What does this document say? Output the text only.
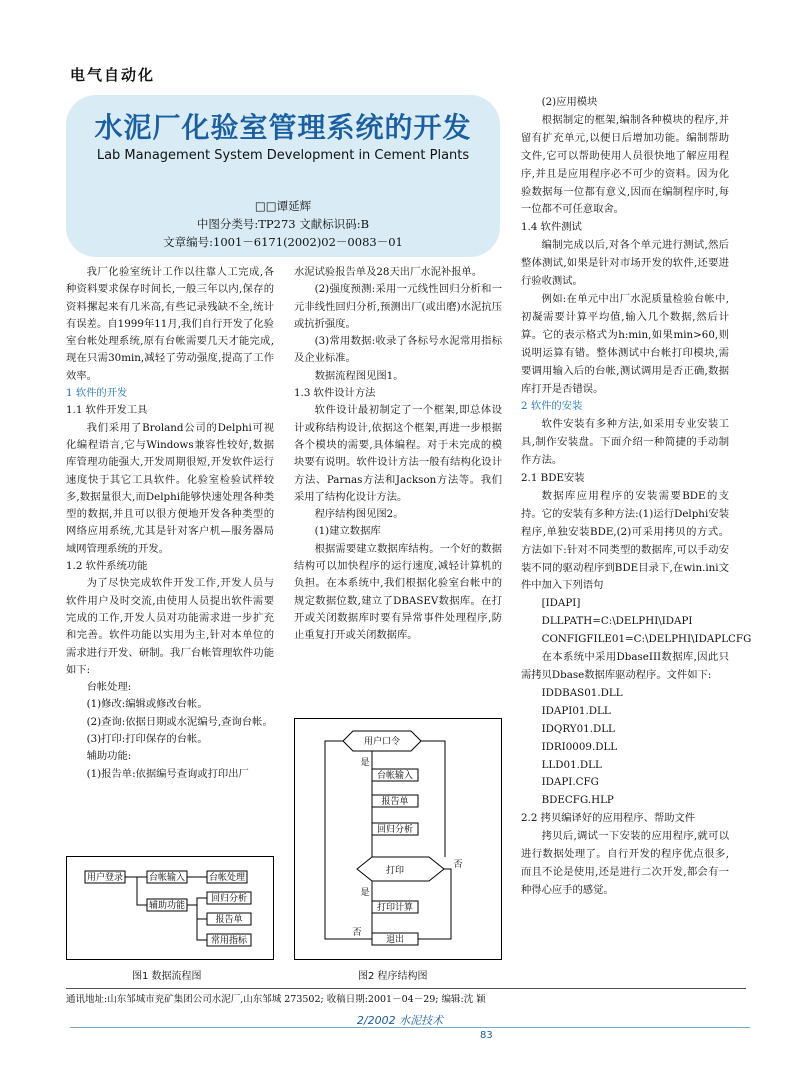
电气自动化
水泥厂化验室管理系统的开发
Lab Management System Development in Cement Plants
□□谭延辉
中图分类号:TP273 文献标识码:B
文章编号:1001－6171(2002)02－0083－01

我厂化验室统计工作以往靠人工完成,各种资料要求保存时间长,一般三年以内,保存的资料摞起来有几米高,有些记录残缺不全,统计有误差。自1999年11月,我们自行开发了化验室台帐处理系统,原有台帐需要几天才能完成,现在只需30min,减轻了劳动强度,提高了工作效率。

1 软件的开发

1.1 软件开发工具

我们采用了Broland公司的Delphi可视化编程语言,它与Windows兼容性较好,数据库管理功能强大,开发周期很短,开发软件运行速度快于其它工具软件。化验室检验试样较多,数据量很大,而Delphi能够快速处理各种类型的数据,并且可以很方便地开发各种类型的网络应用系统,尤其是针对客户机—服务器局域网管理系统的开发。

1.2 软件系统功能

为了尽快完成软件开发工作,开发人员与软件用户及时交流,由使用人员提出软件需要完成的工作,开发人员对功能需求进一步扩充和完善。软件功能以实用为主,针对本单位的需求进行开发、研制。我厂台帐管理软件功能如下:

台帐处理:

(1)修改:编辑或修改台帐。

(2)查询:依据日期或水泥编号,查询台帐。

(3)打印:打印保存的台帐。

辅助功能:

(1)报告单:依据编号查询或打印出厂

水泥试验报告单及28天出厂水泥补报单。

(2)强度预测:采用一元线性回归分析和一元非线性回归分析,预测出厂(或出磨)水泥抗压或抗折强度。

(3)常用数据:收录了各标号水泥常用指标及企业标准。

数据流程图见图1。

1.3 软件设计方法

软件设计最初制定了一个框架,即总体设计或称结构设计,依据这个框架,再进一步根据各个模块的需要,具体编程。对于未完成的模块要有说明。软件设计方法一般有结构化设计方法、Parnas方法和Jackson方法等。我们采用了结构化设计方法。

程序结构图见图2。

(1)建立数据库

根据需要建立数据库结构。一个好的数据结构可以加快程序的运行速度,减轻计算机的负担。在本系统中,我们根据化验室台帐中的规定数据位数,建立了DBASEV数据库。在打开或关闭数据库时要有异常事件处理程序,防止重复打开或关闭数据库。

(2)应用模块

根据制定的框架,编制各种模块的程序,并留有扩充单元,以便日后增加功能。编制帮助文件,它可以帮助使用人员很快地了解应用程序,并且是应用程序必不可少的资料。因为化验数据每一位都有意义,因而在编制程序时,每一位都不可任意取舍。

1.4 软件测试

编制完成以后,对各个单元进行测试,然后整体测试,如果是针对市场开发的软件,还要进行验收测试。

例如:在单元中出厂水泥质量检验台帐中,初凝需要计算平均值,输入几个数据,然后计算。它的表示格式为h:min,如果min>60,则说明运算有错。整体测试中台帐打印模块,需要调用输入后的台帐,测试调用是否正确,数据库打开是否错误。

2 软件的安装

软件安装有多种方法,如采用专业安装工具,制作安装盘。下面介绍一种简捷的手动制作方法。

2.1 BDE安装

数据库应用程序的安装需要BDE的支持。它的安装有多种方法:(1)运行Delphi安装程序,单独安装BDE,(2)可采用拷贝的方式。方法如下:针对不同类型的数据库,可以手动安装不同的驱动程序到BDE目录下,在win.ini文件中加入下列语句

[IDAPI]

DLLPATH=C:\DELPHI\IDAPI

CONFIGFILE01=C:\DELPHI\IDAPLCFG

在本系统中采用DbaseIII数据库,因此只需拷贝Dbase数据库驱动程序。文件如下:

IDDBAS01.DLL

IDAPI01.DLL

IDQRY01.DLL

IDRI0009.DLL

LLD01.DLL

IDAPI.CFG

BDECFG.HLP

2.2 拷贝编译好的应用程序、帮助文件

拷贝后,调试一下安装的应用程序,就可以进行数据处理了。自行开发的程序优点很多,而且不论是使用,还是进行二次开发,都会有一种得心应手的感觉。

用户登录	台帐输入	台帐处理
辅助功能
回归分析
报告单
常用指标
图1 数据流程图
用户口令
是
台帐输入
报告单
回归分析
打印
是
打印计算
退出
否
否
图2 程序结构图
通讯地址:山东邹城市兖矿集团公司水泥厂,山东邹城 273502; 收稿日期:2001－04－29; 编辑:沈 颖
2/2002 水泥技术
83
